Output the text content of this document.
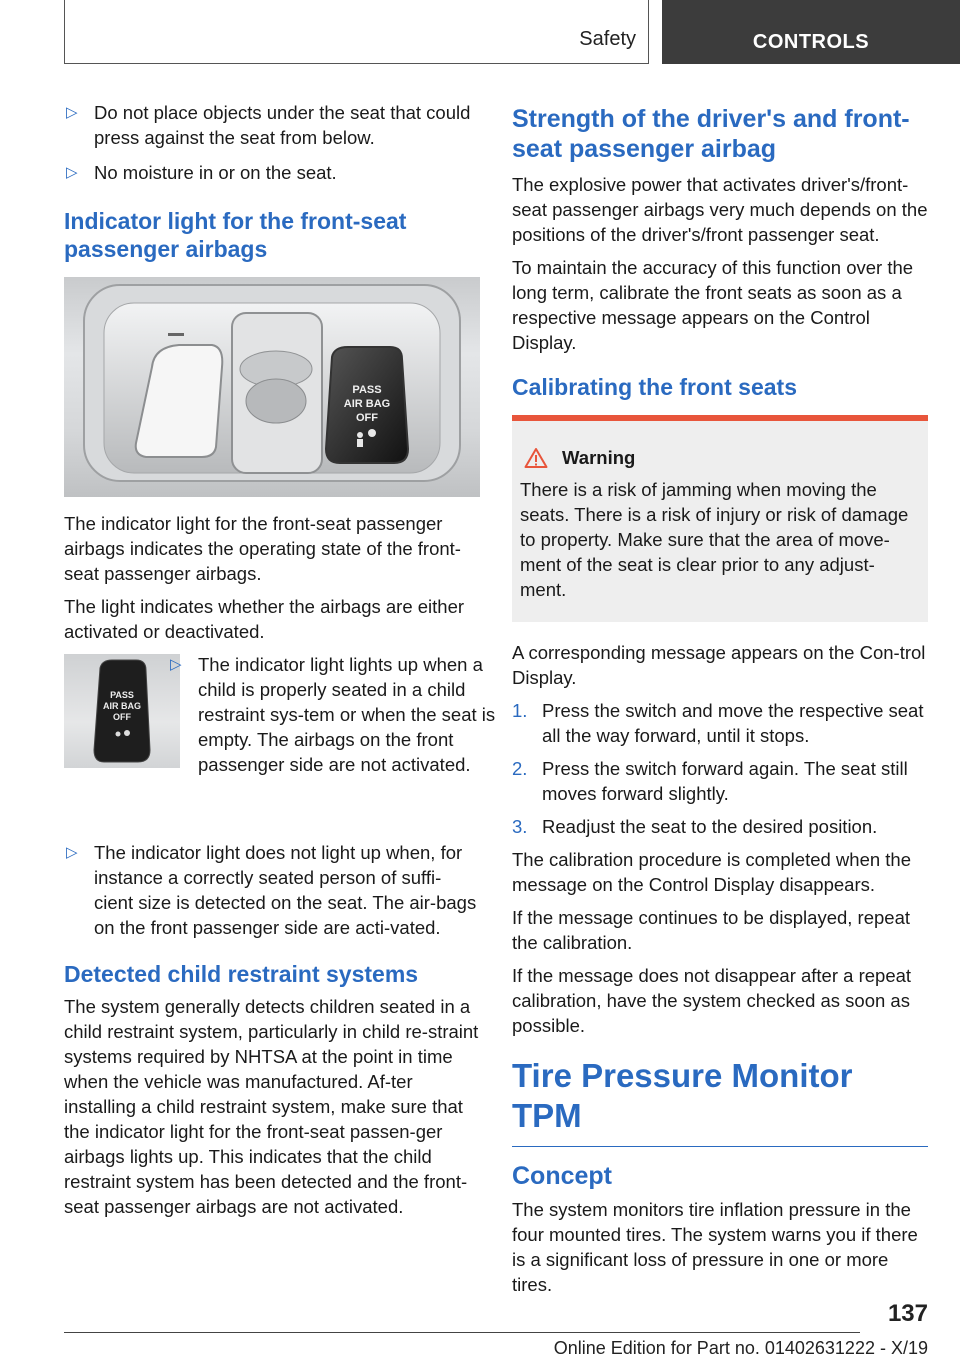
Safety	CONTROLS
▷ Do not place objects under the seat that could press against the seat from below.
▷ No moisture in or on the seat.
Indicator light for the front-seat passenger airbags
PASS
AIR BAG
OFF

The indicator light for the front-seat passenger airbags indicates the operating state of the front-seat passenger airbags.

The light indicates whether the airbags are either activated or deactivated.

PASS
AIR BAG
OFF
▷ The indicator light lights up when a child is properly seated in a child restraint sys-tem or when the seat is empty. The airbags on the front passenger side are not activated.
▷ The indicator light does not light up when, for instance a correctly seated person of suffi-cient size is detected on the seat. The air-bags on the front passenger side are acti-vated.
Detected child restraint systems

The system generally detects children seated in a child restraint system, particularly in child re-straint systems required by NHTSA at the point in time when the vehicle was manufactured. Af-ter installing a child restraint system, make sure that the indicator light for the front-seat passen-ger airbags lights up. This indicates that the child restraint system has been detected and the front-seat passenger airbags are not activated.

Strength of the driver's and front-seat passenger airbag

The explosive power that activates driver's/front-seat passenger airbags very much depends on the positions of the driver's/front passenger seat.

To maintain the accuracy of this function over the long term, calibrate the front seats as soon as a respective message appears on the Control Display.

Calibrating the front seats
Warning

There is a risk of jamming when moving the seats. There is a risk of injury or risk of damage to property. Make sure that the area of move-ment of the seat is clear prior to any adjust-ment.

A corresponding message appears on the Con-trol Display.

1. Press the switch and move the respective seat all the way forward, until it stops.
2. Press the switch forward again. The seat still moves forward slightly.
3. Readjust the seat to the desired position.

The calibration procedure is completed when the message on the Control Display disappears.

If the message continues to be displayed, repeat the calibration.

If the message does not disappear after a repeat calibration, have the system checked as soon as possible.

Tire Pressure Monitor TPM
Concept

The system monitors tire inflation pressure in the four mounted tires. The system warns you if there is a significant loss of pressure in one or more tires.

137
Online Edition for Part no. 01402631222 - X/19
